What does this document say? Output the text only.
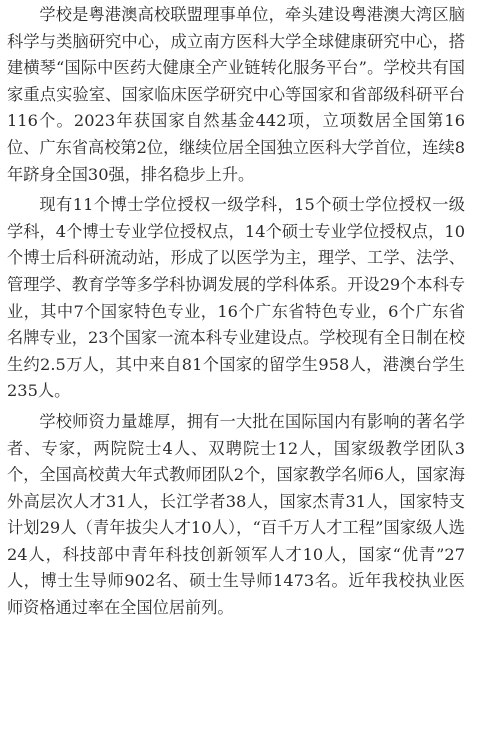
学校是粤港澳高校联盟理事单位，牵头建设粤港澳大湾区脑科学与类脑研究中心，成立南方医科大学全球健康研究中心，搭建横琴“国际中医药大健康全产业链转化服务平台”。学校共有国家重点实验室、国家临床医学研究中心等国家和省部级科研平台116个。2023年获国家自然基金442项，立项数居全国第16位、广东省高校第2位，继续位居全国独立医科大学首位，连续8年跻身全国30强，排名稳步上升。

现有11个博士学位授权一级学科，15个硕士学位授权一级学科，4个博士专业学位授权点，14个硕士专业学位授权点，10个博士后科研流动站，形成了以医学为主，理学、工学、法学、管理学、教育学等多学科协调发展的学科体系。开设29个本科专业，其中7个国家特色专业，16个广东省特色专业，6个广东省名牌专业，23个国家一流本科专业建设点。学校现有全日制在校生约2.5万人，其中来自81个国家的留学生958人，港澳台学生235人。

学校师资力量雄厚，拥有一大批在国际国内有影响的著名学者、专家，两院院士4人、双聘院士12人，国家级教学团队3个，全国高校黄大年式教师团队2个，国家教学名师6人，国家海外高层次人才31人，长江学者38人，国家杰青31人，国家特支计划29人（青年拔尖人才10人），“百千万人才工程”国家级人选24人，科技部中青年科技创新领军人才10人，国家“优青”27人，博士生导师902名、硕士生导师1473名。近年我校执业医师资格通过率在全国位居前列。
